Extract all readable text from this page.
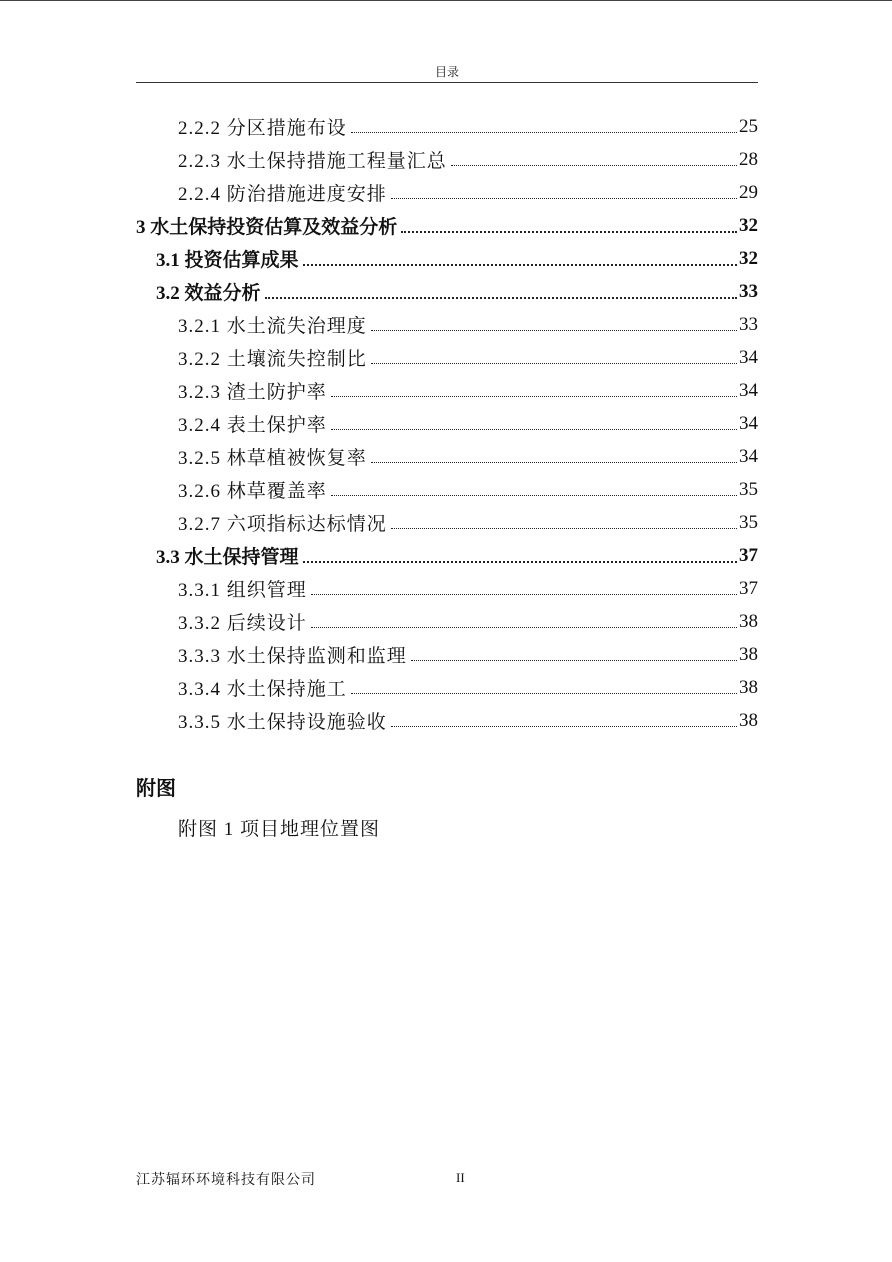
目录
2.2.2 分区措施布设	25
2.2.3 水土保持措施工程量汇总	28
2.2.4 防治措施进度安排	29
3 水土保持投资估算及效益分析	32
3.1 投资估算成果	32
3.2 效益分析	33
3.2.1 水土流失治理度	33
3.2.2 土壤流失控制比	34
3.2.3 渣土防护率	34
3.2.4 表土保护率	34
3.2.5 林草植被恢复率	34
3.2.6 林草覆盖率	35
3.2.7 六项指标达标情况	35
3.3 水土保持管理	37
3.3.1 组织管理	37
3.3.2 后续设计	38
3.3.3 水土保持监测和监理	38
3.3.4 水土保持施工	38
3.3.5 水土保持设施验收	38
附图
附图 1 项目地理位置图
江苏辐环环境科技有限公司	II
